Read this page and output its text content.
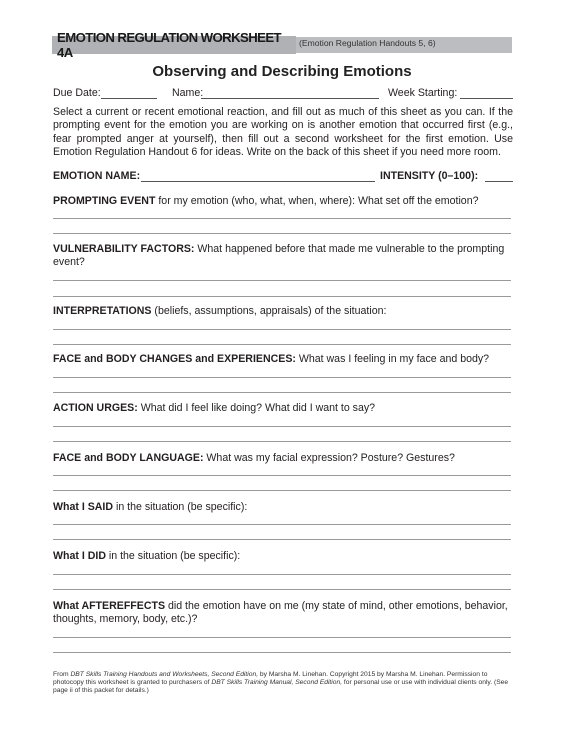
EMOTION REGULATION WORKSHEET 4A
(Emotion Regulation Handouts 5, 6)
Observing and Describing Emotions
Due Date:	Name:	Week Starting:
Select a current or recent emotional reaction, and fill out as much of this sheet as you can. If the prompting event for the emotion you are working on is another emotion that occurred first (e.g., fear prompted anger at yourself), then fill out a second worksheet for the first emotion. Use Emotion Regulation Handout 6 for ideas. Write on the back of this sheet if you need more room.
EMOTION NAME:	INTENSITY (0–100):
PROMPTING EVENT for my emotion (who, what, when, where): What set off the emotion?
VULNERABILITY FACTORS: What happened before that made me vulnerable to the prompting event?
INTERPRETATIONS (beliefs, assumptions, appraisals) of the situation:
FACE and BODY CHANGES and EXPERIENCES: What was I feeling in my face and body?
ACTION URGES: What did I feel like doing? What did I want to say?
FACE and BODY LANGUAGE: What was my facial expression? Posture? Gestures?
What I SAID in the situation (be specific):
What I DID in the situation (be specific):
What AFTEREFFECTS did the emotion have on me (my state of mind, other emotions, behavior, thoughts, memory, body, etc.)?
From DBT Skills Training Handouts and Worksheets, Second Edition, by Marsha M. Linehan. Copyright 2015 by Marsha M. Linehan. Permission to photocopy this worksheet is granted to purchasers of DBT Skills Training Manual, Second Edition, for personal use or use with individual clients only. (See page ii of this packet for details.)
